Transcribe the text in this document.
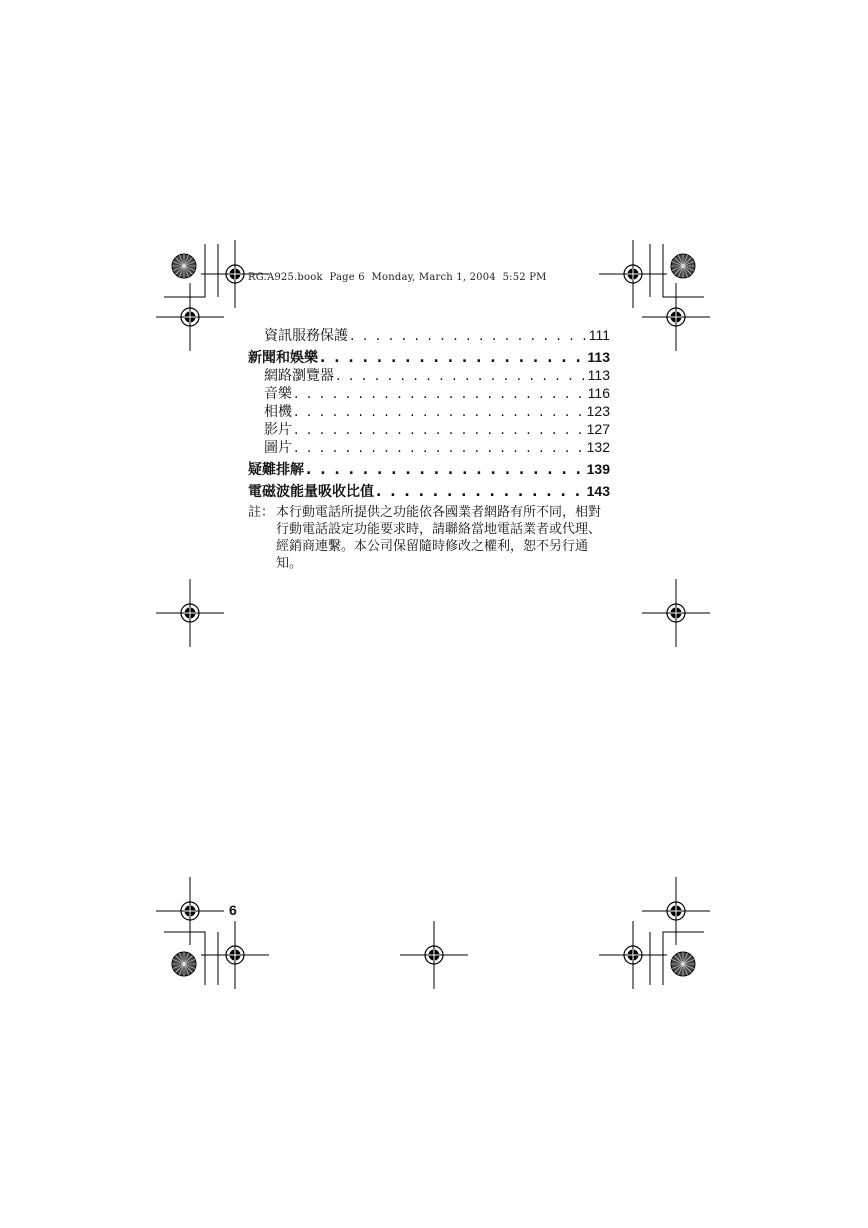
RG.A925.book  Page 6  Monday, March 1, 2004  5:52 PM
資訊服務保護 . . .	111
新聞和娛樂 . . .	113
網路瀏覽器 . . .	113
音樂 . . .	116
相機 . . .	123
影片 . . .	127
圖片 . . .	132
疑難排解 . . .	139
電磁波能量吸收比值 . . .	143
註： 本行動電話所提供之功能依各國業者網路有所不同，相對行動電話設定功能要求時，請聯絡當地電話業者或代理、經銷商連繫。本公司保留隨時修改之權利，恕不另行通知。
6
